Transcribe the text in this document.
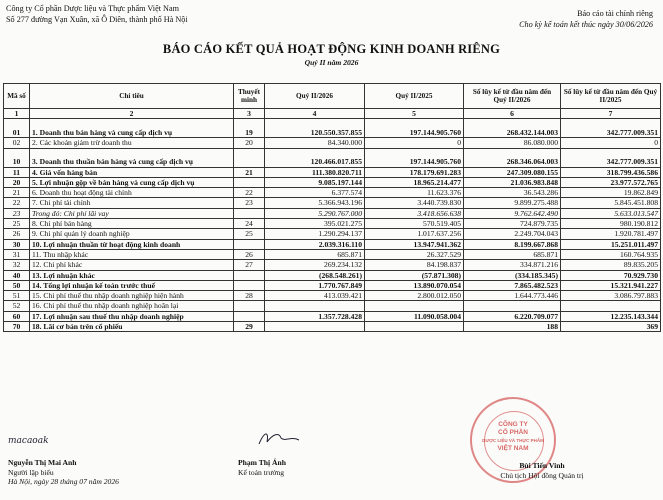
Công ty Cổ phần Dược liệu và Thực phẩm Việt Nam
Số 277 đường Vạn Xuân, xã Ô Diên, thành phố Hà Nội
Báo cáo tài chính riêng
Cho kỳ kế toán kết thúc ngày 30/06/2026
BÁO CÁO KẾT QUẢ HOẠT ĐỘNG KINH DOANH RIÊNG
Quý II năm 2026
Mã số	Chỉ tiêu	Thuyết minh	Quý II/2026	Quý II/2025	Số lũy kế từ đầu năm đến Quý II/2026	Số lũy kế từ đầu năm đến Quý II/2025
1	2	3	4	5	6	7
01	1. Doanh thu bán hàng và cung cấp dịch vụ	19	120.550.357.855	197.144.905.760	268.432.144.003	342.777.009.351
02	2. Các khoản giảm trừ doanh thu	20	84.340.000	0	86.080.000	0
10	3. Doanh thu thuần bán hàng và cung cấp dịch vụ		120.466.017.855	197.144.905.760	268.346.064.003	342.777.009.351
11	4. Giá vốn hàng bán	21	111.380.820.711	178.179.691.283	247.309.080.155	318.799.436.586
20	5. Lợi nhuận gộp về bán hàng và cung cấp dịch vụ		9.085.197.144	18.965.214.477	21.036.983.848	23.977.572.765
21	6. Doanh thu hoạt động tài chính	22	6.377.574	11.623.376	36.543.286	19.862.849
22	7. Chi phí tài chính	23	5.366.943.196	3.440.739.830	9.899.275.488	5.845.451.808
23	Trong đó: Chi phí lãi vay		5.290.767.000	3.418.656.638	9.762.642.490	5.633.013.547
25	8. Chi phí bán hàng	24	395.021.275	570.519.405	724.879.735	980.190.812
26	9. Chi phí quản lý doanh nghiệp	25	1.290.294.137	1.017.637.256	2.249.704.043	1.920.781.497
30	10. Lợi nhuận thuần từ hoạt động kinh doanh		2.039.316.110	13.947.941.362	8.199.667.868	15.251.011.497
31	11. Thu nhập khác	26	685.871	26.327.529	685.871	160.764.935
32	12. Chi phí khác	27	269.234.132	84.198.837	334.871.216	89.835.205
40	13. Lợi nhuận khác		(268.548.261)	(57.871.308)	(334.185.345)	70.929.730
50	14. Tổng lợi nhuận kế toán trước thuế		1.770.767.849	13.890.070.054	7.865.482.523	15.321.941.227
51	15. Chi phí thuế thu nhập doanh nghiệp hiện hành	28	413.039.421	2.800.012.050	1.644.773.446	3.086.797.883
52	16. Chi phí thuế thu nhập doanh nghiệp hoãn lại					
60	17. Lợi nhuận sau thuế thu nhập doanh nghiệp		1.357.728.428	11.090.058.004	6.220.709.077	12.235.143.344
70	18. Lãi cơ bản trên cổ phiếu	29			188	369
macaoak
Nguyễn Thị Mai Anh
Người lập biểu
Hà Nội, ngày 28 tháng 07 năm 2026
Phạm Thị Ánh
Kế toán trưởng
CÔNG TY
CỔ PHẦN
DƯỢC LIỆU VÀ THỰC PHẨM
VIỆT NAM
Bùi Tiến Vinh
Chủ tịch Hội đồng Quản trị
